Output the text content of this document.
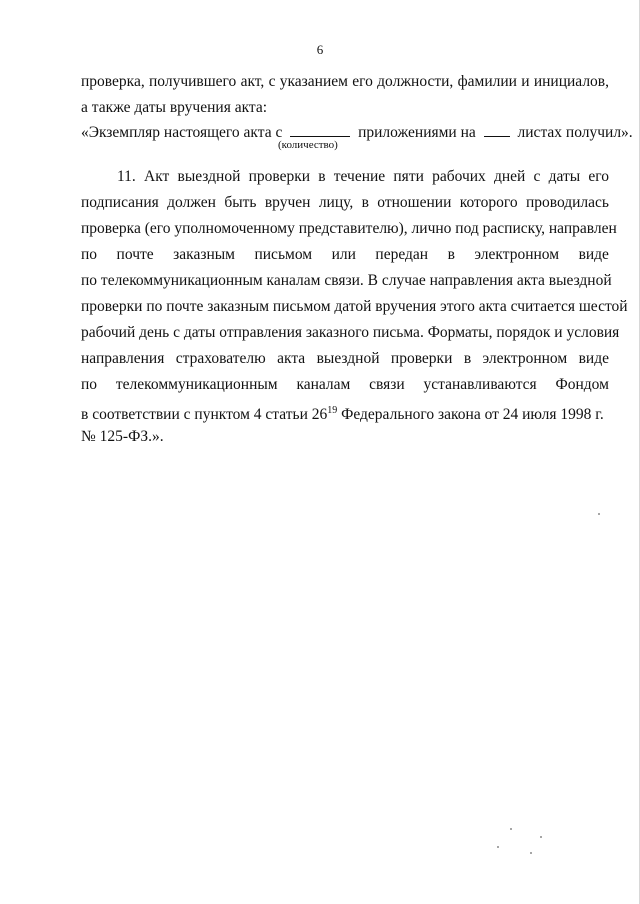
6
проверка, получившего акт, с указанием его должности, фамилии и инициалов,
а также даты вручения акта:
«Экземпляр настоящего акта с	приложениями на	листах получил».
(количество)
11. Акт выездной проверки в течение пяти рабочих дней с даты его
подписания должен быть вручен лицу, в отношении которого проводилась
проверка (его уполномоченному представителю), лично под расписку, направлен
по почте заказным письмом или передан в электронном виде
по телекоммуникационным каналам связи. В случае направления акта выездной
проверки по почте заказным письмом датой вручения этого акта считается шестой
рабочий день с даты отправления заказного письма. Форматы, порядок и условия
направления страхователю акта выездной проверки в электронном виде
по телекоммуникационным каналам связи устанавливаются Фондом
в соответствии с пунктом 4 статьи $26^{19}$ Федерального закона от 24 июля 1998 г.
№ 125-ФЗ.».
